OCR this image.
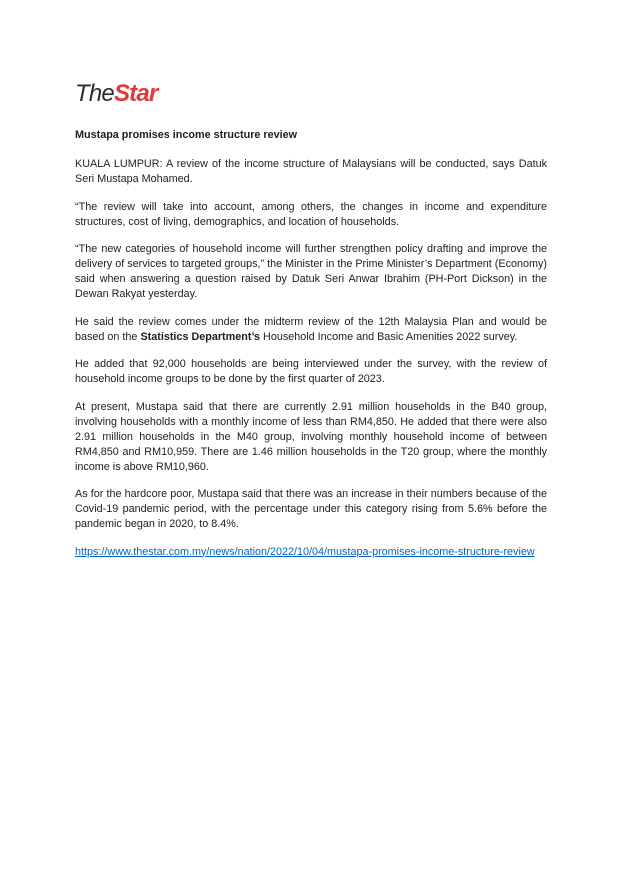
TheStar
Mustapa promises income structure review

KUALA LUMPUR: A review of the income structure of Malaysians will be conducted, says Datuk Seri Mustapa Mohamed.

“The review will take into account, among others, the changes in income and expenditure structures, cost of living, demographics, and location of households.

“The new categories of household income will further strengthen policy drafting and improve the delivery of services to targeted groups,” the Minister in the Prime Minister’s Department (Economy) said when answering a question raised by Datuk Seri Anwar Ibrahim (PH-Port Dickson) in the Dewan Rakyat yesterday.

He said the review comes under the midterm review of the 12th Malaysia Plan and would be based on the Statistics Department’s Household Income and Basic Amenities 2022 survey.

He added that 92,000 households are being interviewed under the survey, with the review of household income groups to be done by the first quarter of 2023.

At present, Mustapa said that there are currently 2.91 million households in the B40 group, involving households with a monthly income of less than RM4,850. He added that there were also 2.91 million households in the M40 group, involving monthly household income of between RM4,850 and RM10,959. There are 1.46 million households in the T20 group, where the monthly income is above RM10,960.

As for the hardcore poor, Mustapa said that there was an increase in their numbers because of the Covid-19 pandemic period, with the percentage under this category rising from 5.6% before the pandemic began in 2020, to 8.4%.

https://www.thestar.com.my/news/nation/2022/10/04/mustapa-promises-income-structure-review
